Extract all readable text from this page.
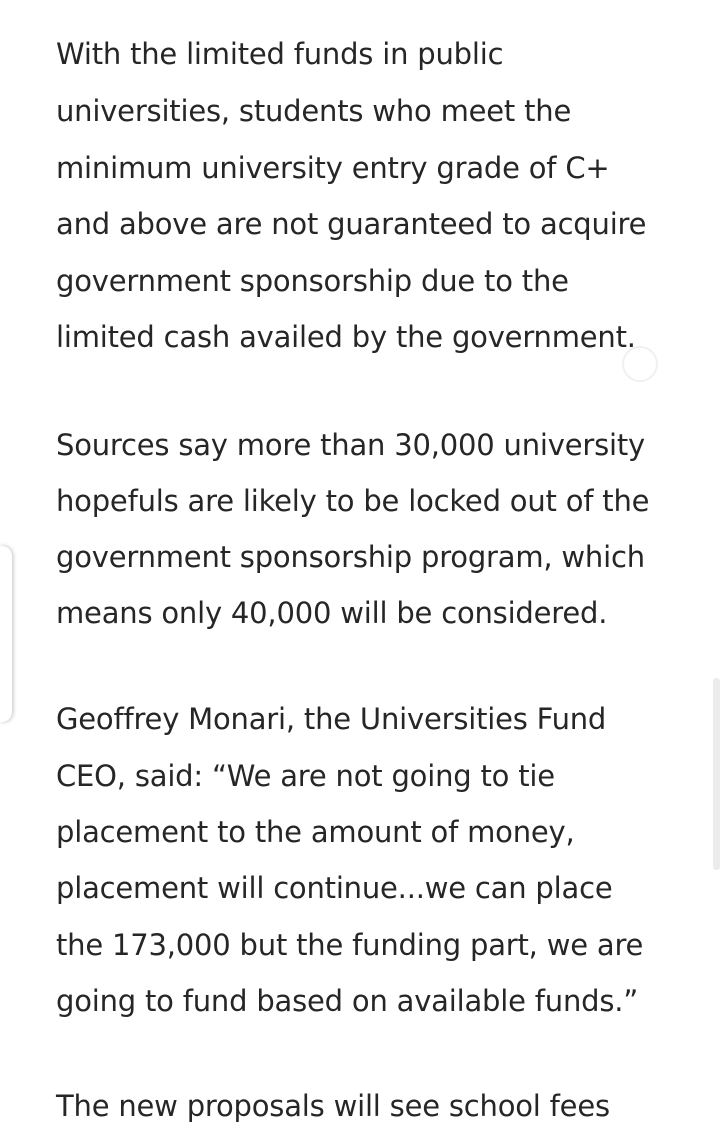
With the limited funds in public
universities, students who meet the
minimum university entry grade of C+
and above are not guaranteed to acquire
government sponsorship due to the
limited cash availed by the government.
Sources say more than 30,000 university
hopefuls are likely to be locked out of the
government sponsorship program, which
means only 40,000 will be considered.
Geoffrey Monari, the Universities Fund
CEO, said: “We are not going to tie
placement to the amount of money,
placement will continue...we can place
the 173,000 but the funding part, we are
going to fund based on available funds.”
The new proposals will see school fees
